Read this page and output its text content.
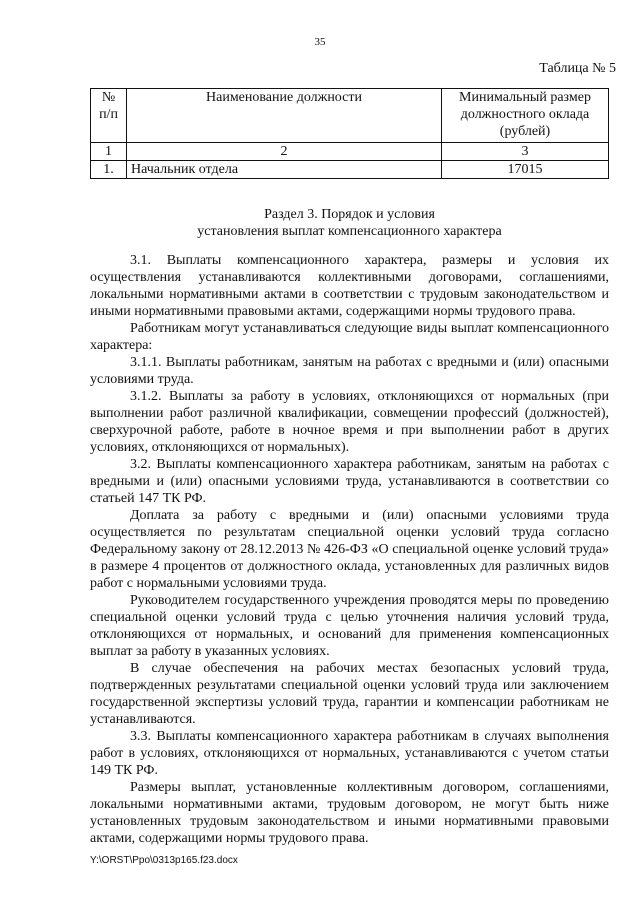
35
Таблица № 5
№
п/п	Наименование должности	Минимальный размер
должностного оклада
(рублей)
1	2	3
1.	Начальник отдела	17015
Раздел 3. Порядок и условия
установления выплат компенсационного характера

3.1. Выплаты компенсационного характера, размеры и условия их осуществления устанавливаются коллективными договорами, соглашениями, локальными нормативными актами в соответствии с трудовым законодательством и иными нормативными правовыми актами, содержащими нормы трудового права.

Работникам могут устанавливаться следующие виды выплат компенсационного характера:

3.1.1. Выплаты работникам, занятым на работах с вредными и (или) опасными условиями труда.

3.1.2. Выплаты за работу в условиях, отклоняющихся от нормальных (при выполнении работ различной квалификации, совмещении профессий (должностей), сверхурочной работе, работе в ночное время и при выполнении работ в других условиях, отклоняющихся от нормальных).

3.2. Выплаты компенсационного характера работникам, занятым на работах с вредными и (или) опасными условиями труда, устанавливаются в соответствии со статьей 147 ТК РФ.

Доплата за работу с вредными и (или) опасными условиями труда осуществляется по результатам специальной оценки условий труда согласно Федеральному закону от 28.12.2013 № 426-ФЗ «О специальной оценке условий труда» в размере 4 процентов от должностного оклада, установленных для различных видов работ с нормальными условиями труда.

Руководителем государственного учреждения проводятся меры по проведению специальной оценки условий труда с целью уточнения наличия условий труда, отклоняющихся от нормальных, и оснований для применения компенсационных выплат за работу в указанных условиях.

В случае обеспечения на рабочих местах безопасных условий труда, подтвержденных результатами специальной оценки условий труда или заключением государственной экспертизы условий труда, гарантии и компенсации работникам не устанавливаются.

3.3. Выплаты компенсационного характера работникам в случаях выполнения работ в условиях, отклоняющихся от нормальных, устанавливаются с учетом статьи 149 ТК РФ.

Размеры выплат, установленные коллективным договором, соглашениями, локальными нормативными актами, трудовым договором, не могут быть ниже установленных трудовым законодательством и иными нормативными правовыми актами, содержащими нормы трудового права.

Y:\ORST\Ppo\0313p165.f23.docx
